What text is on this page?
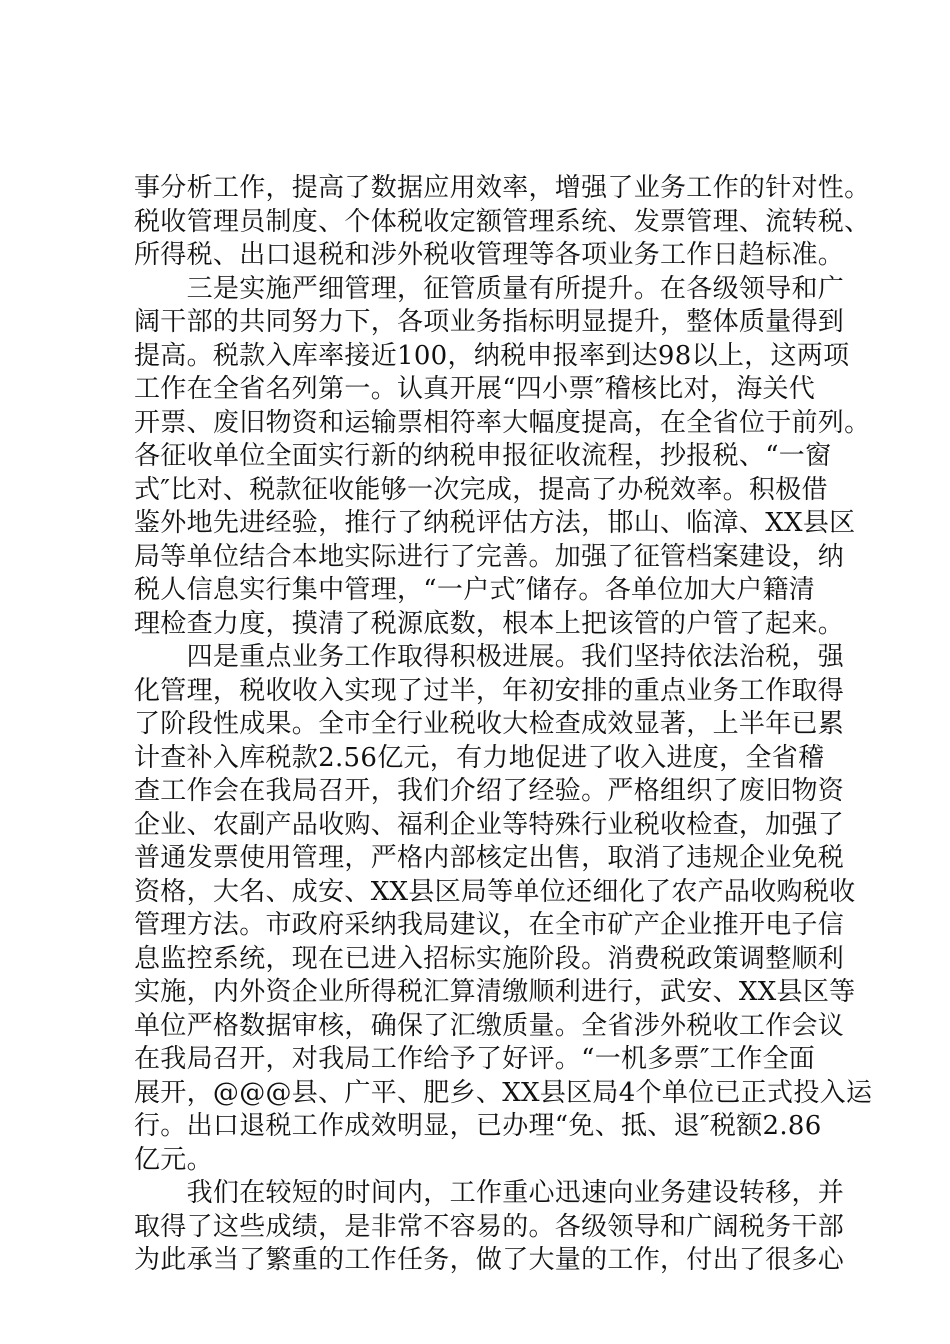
事分析工作，提高了数据应用效率，增强了业务工作的针对性。
税收管理员制度、个体税收定额管理系统、发票管理、流转税、
所得税、出口退税和涉外税收管理等各项业务工作日趋标准。
　　三是实施严细管理，征管质量有所提升。在各级领导和广
阔干部的共同努力下，各项业务指标明显提升，整体质量得到
提高。税款入库率接近100，纳税申报率到达98以上，这两项
工作在全省名列第一。认真开展“四小票″稽核比对，海关代
开票、废旧物资和运输票相符率大幅度提高，在全省位于前列。
各征收单位全面实行新的纳税申报征收流程，抄报税、“一窗
式″比对、税款征收能够一次完成，提高了办税效率。积极借
鉴外地先进经验，推行了纳税评估方法，邯山、临漳、XX县区
局等单位结合本地实际进行了完善。加强了征管档案建设，纳
税人信息实行集中管理，“一户式″储存。各单位加大户籍清
理检查力度，摸清了税源底数，根本上把该管的户管了起来。
　　四是重点业务工作取得积极进展。我们坚持依法治税，强
化管理，税收收入实现了过半，年初安排的重点业务工作取得
了阶段性成果。全市全行业税收大检查成效显著，上半年已累
计查补入库税款2.56亿元，有力地促进了收入进度，全省稽
查工作会在我局召开，我们介绍了经验。严格组织了废旧物资
企业、农副产品收购、福利企业等特殊行业税收检查，加强了
普通发票使用管理，严格内部核定出售，取消了违规企业免税
资格，大名、成安、XX县区局等单位还细化了农产品收购税收
管理方法。市政府采纳我局建议，在全市矿产企业推开电子信
息监控系统，现在已进入招标实施阶段。消费税政策调整顺利
实施，内外资企业所得税汇算清缴顺利进行，武安、XX县区等
单位严格数据审核，确保了汇缴质量。全省涉外税收工作会议
在我局召开，对我局工作给予了好评。“一机多票″工作全面
展开，@@@县、广平、肥乡、XX县区局4个单位已正式投入运
行。出口退税工作成效明显，已办理“免、抵、退″税额2.86
亿元。
　　我们在较短的时间内，工作重心迅速向业务建设转移，并
取得了这些成绩，是非常不容易的。各级领导和广阔税务干部
为此承当了繁重的工作任务，做了大量的工作，付出了很多心
